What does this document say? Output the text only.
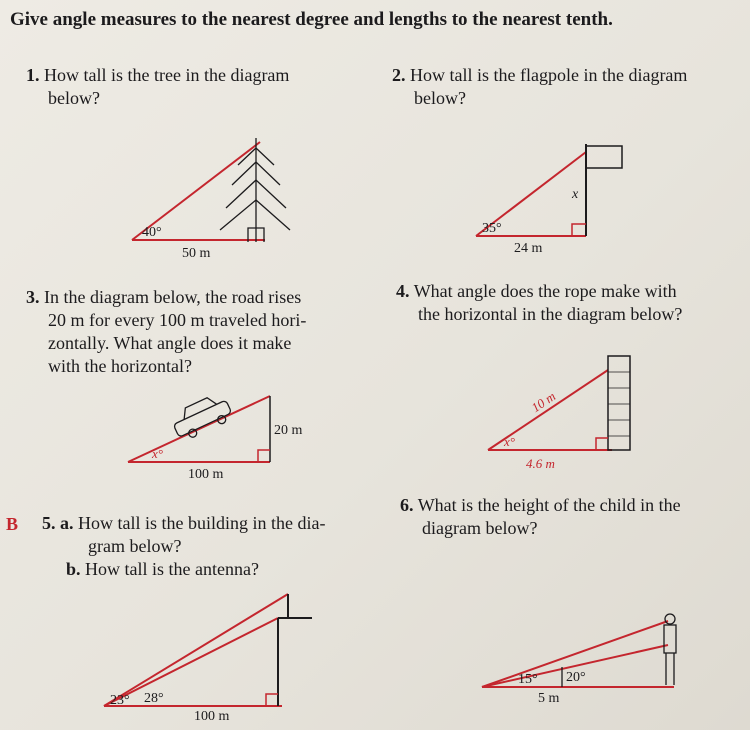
Give angle measures to the nearest degree and lengths to the nearest tenth.
1. How tall is the tree in the diagram
below?
2. How tall is the flagpole in the diagram
below?
40°
50 m
35°
24 m
x
3. In the diagram below, the road rises
20 m for every 100 m traveled hori-
zontally. What angle does it make
with the horizontal?
4. What angle does the rope make with
the horizontal in the diagram below?
x°
100 m
20 m
x°
10 m
4.6 m
B 5. a. How tall is the building in the dia-
gram below?
b. How tall is the antenna?
6. What is the height of the child in the
diagram below?
23° 28°
100 m
15° 20°
5 m
